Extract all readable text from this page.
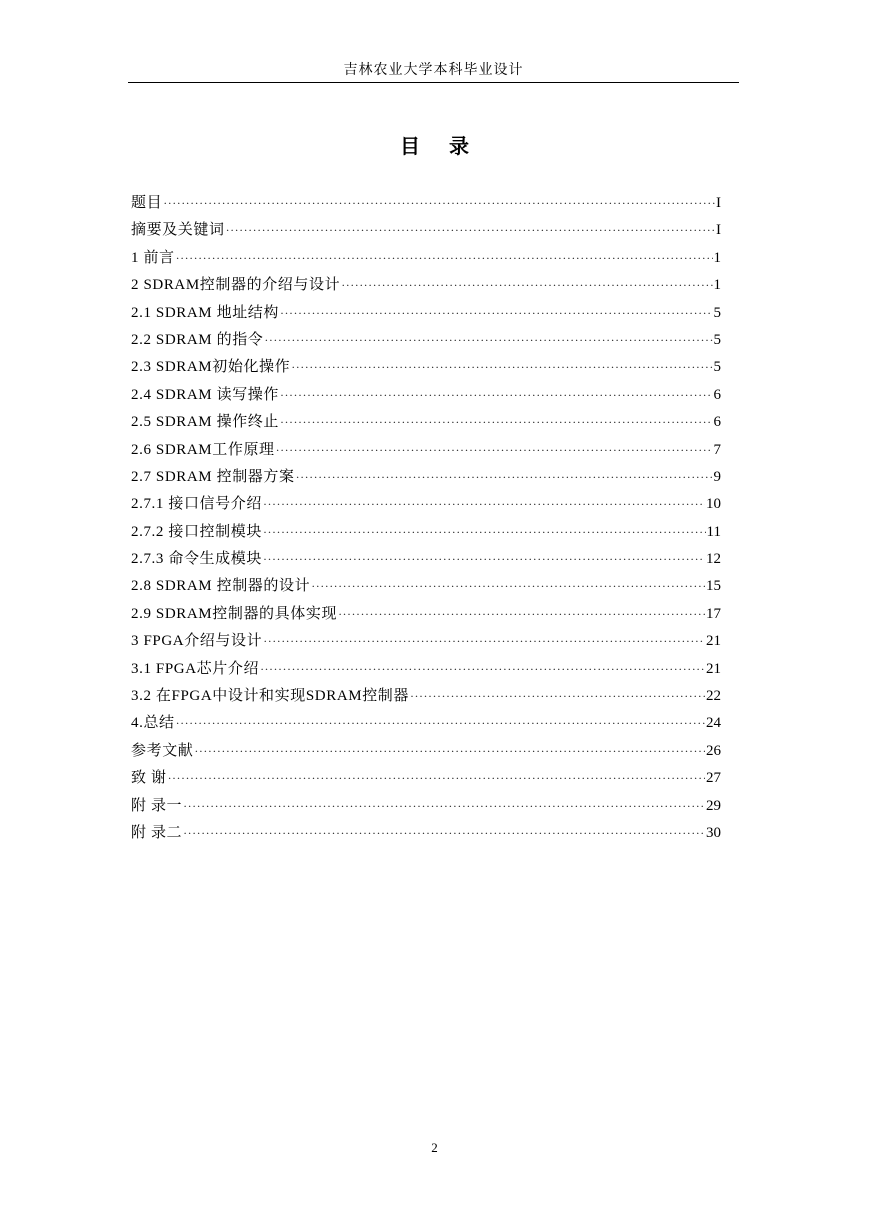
吉林农业大学本科毕业设计
目 录
题目 ·····	I
摘要及关键词 ·····	I
1 前言 ·····	1
2 SDRAM控制器的介绍与设计 ·····	1
2.1 SDRAM 地址结构 ·····	5
2.2 SDRAM 的指令 ·····	5
2.3 SDRAM初始化操作 ·····	5
2.4 SDRAM 读写操作 ·····	6
2.5 SDRAM 操作终止 ·····	6
2.6 SDRAM工作原理 ·····	7
2.7 SDRAM 控制器方案 ·····	9
2.7.1 接口信号介绍 ·····	10
2.7.2 接口控制模块 ·····	11
2.7.3 命令生成模块 ·····	12
2.8 SDRAM 控制器的设计 ·····	15
2.9 SDRAM控制器的具体实现 ·····	17
3 FPGA介绍与设计 ·····	21
3.1 FPGA芯片介绍 ·····	21
3.2 在FPGA中设计和实现SDRAM控制器 ·····	22
4.总结 ·····	24
参考文献 ·····	26
致 谢 ·····	27
附 录一 ·····	29
附 录二 ·····	30
2
